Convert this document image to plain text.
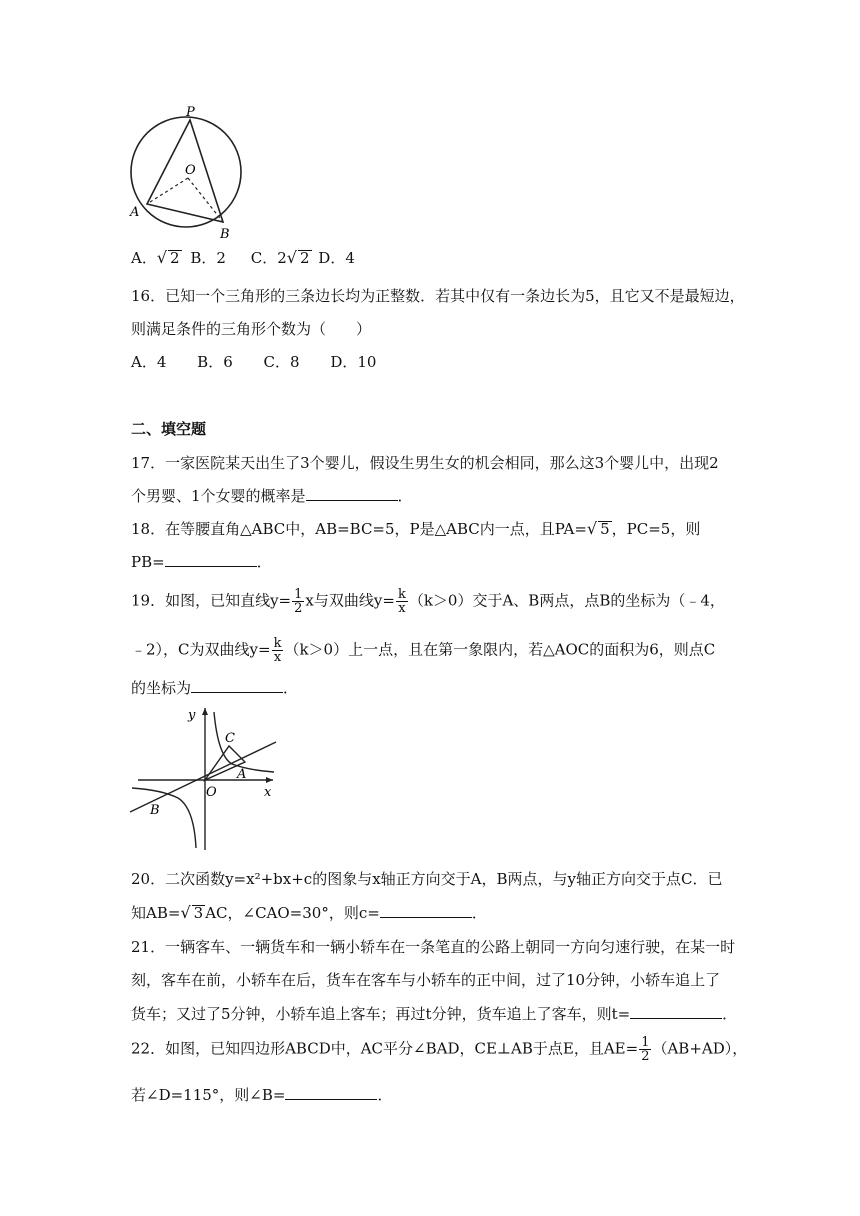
P
O
A
B
A．√ 2 B．2 C．2√ 2 D．4
16．已知一个三角形的三条边长均为正整数．若其中仅有一条边长为5，且它又不是最短边，
则满足条件的三角形个数为（　　）
A．4 B．6 C．8 D．10
二、填空题
17．一家医院某天出生了3个婴儿，假设生男生女的机会相同，那么这3个婴儿中，出现2
个男婴、1个女婴的概率是	．
18．在等腰直角△ABC中，AB=BC=5，P是△ABC内一点，且PA=√ 5 ，PC=5，则
PB=	．
19．如图，已知直线$y= \frac{1}{2}$ x与双曲线$y= \frac{k}{x} (k>0)$交于A、B两点，点B的坐标为（﹣4，
﹣2），C为双曲线$y= \frac{k}{x} (k>0)$上一点，且在第一象限内，若△AOC的面积为6，则点C
的坐标为	．
y
x
O
A
B
C
20．二次函数y=x²+bx+c的图象与x轴正方向交于A，B两点，与y轴正方向交于点C．已
知AB=√ 3 AC，∠CAO=30°，则c=	．
21．一辆客车、一辆货车和一辆小轿车在一条笔直的公路上朝同一方向匀速行驶，在某一时
刻，客车在前，小轿车在后，货车在客车与小轿车的正中间，过了10分钟，小轿车追上了
货车；又过了5分钟，小轿车追上客车；再过t分钟，货车追上了客车，则t=	．
22．如图，已知四边形ABCD中，AC平分∠BAD，CE⊥AB于点E，且$AE= \frac{1}{2} (AB+AD)$，
若∠D=115°，则∠B=	．
